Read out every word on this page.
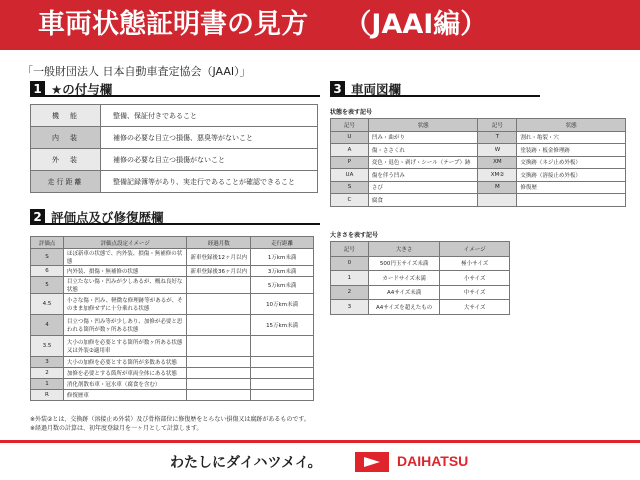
車両状態証明書の見方　 （JAAI編）
「一般財団法人 日本自動車査定協会（JAAI）」
1 ★の付与欄
機　能	整備、保証付きであること
内　装	補修の必要な目立つ損傷、悪臭等がないこと
外　装	補修の必要な目立つ損傷がないこと
走行距離	整備記録簿等があり、実走行であることが確認できること
2 評価点及び修復歴欄
評価点	評価点設定イメージ	経過月数	走行距離
S	ほぼ新車の状態で、内外装、損傷・無補修の状態	新車登録後12ヶ月以内	1万km未満
6	内外装、損傷・無補修の状態	新車登録後36ヶ月以内	3万km未満
5	目立たない傷・凹みが少しあるが、概ね良好な状態		5万km未満
4.5	小さな傷・凹み、軽微な修理跡等があるが、そのまま加修せずに十分乗れる状態		10万km未満
4	目立つ傷・凹み等が少しあり、加修が必要と思われる箇所が数ヶ所ある状態		15万km未満
3.5	大小の加修を必要とする箇所が数ヶ所ある状態又は外装②適用車		
3	大小の加修を必要とする箇所が多数ある状態		
2	加修を必要とする箇所が車両全体にある状態		
1	消化剤散布車・冠水車（腐食を含む）		
R	修復歴車		
※外装②とは、交換跡（溶接止め外装）及び骨格部位に修復歴をとらない損傷又は腐跡があるものです。
※経過月数の計算は、初年度登録月を一ヶ月として計算します。
3 車両図欄
状態を表す記号
記号	状態	記号	状態
U	凹み・曲がり	T	割れ・亀裂・穴
A	傷・ささくれ	W	塗装跡・板金修理跡
P	変色・退色・剥げ・シール（テープ）跡	XM	交換跡（ネジ止め外板）
UA	傷を伴う凹み	XM②	交換跡（溶接止め外板）
S	さび	M	修復歴
C	腐食		
大きさを表す記号
記号	大きさ	イメージ
0	500円玉サイズ未満	極小サイズ
1	カードサイズ未満	小サイズ
2	A4サイズ未満	中サイズ
3	A4サイズを超えたもの	大サイズ
わたしにダイハツメイ。	DAIHATSU
